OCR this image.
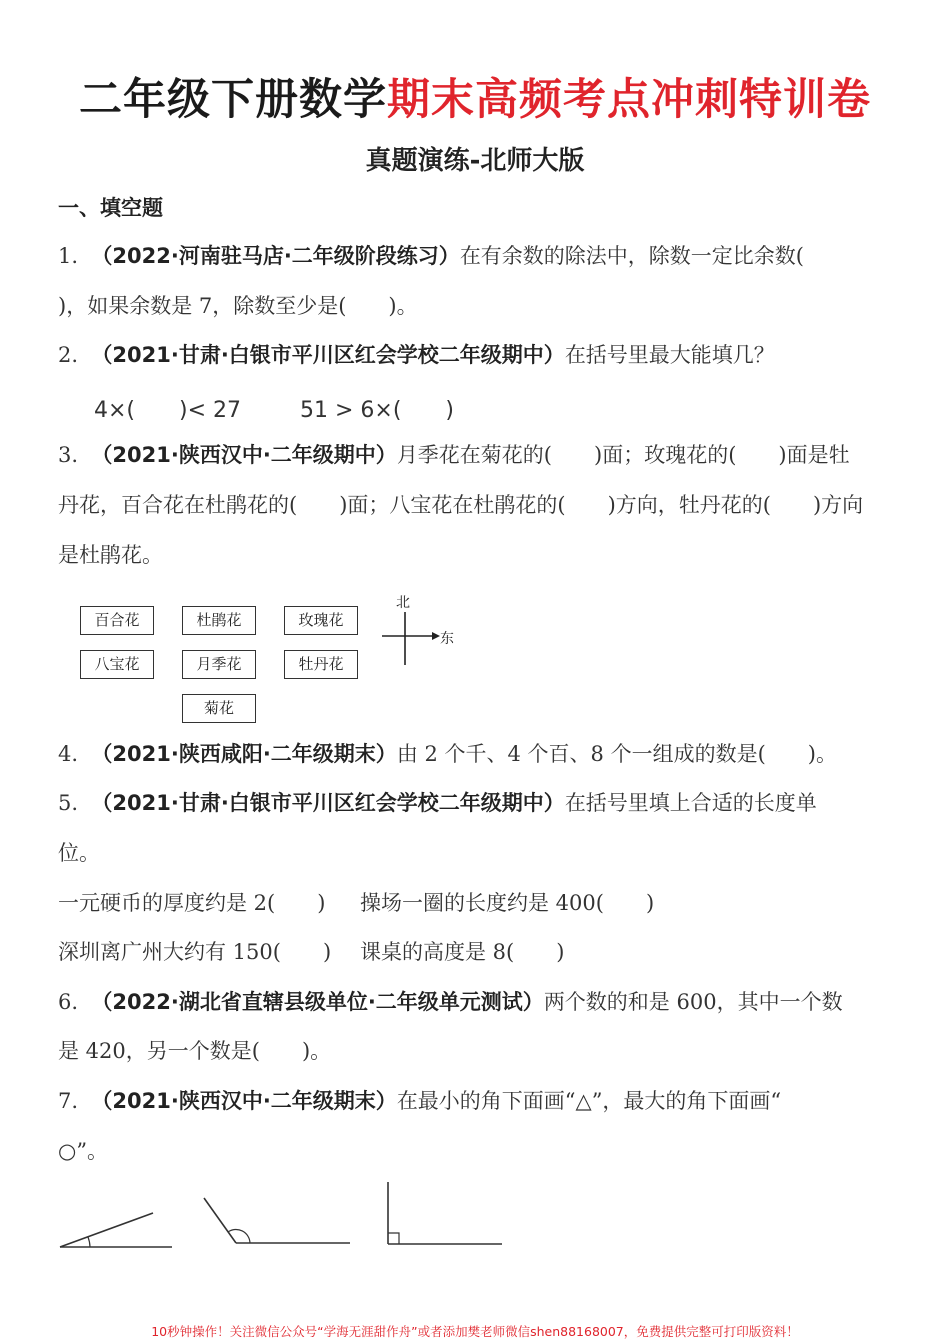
二年级下册数学期末高频考点冲刺特训卷
真题演练-北师大版
一、填空题
1. （2022·河南驻马店·二年级阶段练习）在有余数的除法中，除数一定比余数(
)，如果余数是 7，除数至少是(　　)。
2. （2021·甘肃·白银市平川区红会学校二年级期中）在括号里最大能填几？
4×(　　)< 27	51 > 6×(　　)
3. （2021·陕西汉中·二年级期中）月季花在菊花的(　　)面；玫瑰花的(　　)面是牡
丹花，百合花在杜鹃花的(　　)面；八宝花在杜鹃花的(　　)方向，牡丹花的(　　)方向
是杜鹃花。
百合花	杜鹃花	玫瑰花
八宝花	月季花	牡丹花
菊花
北
东
4. （2021·陕西咸阳·二年级期末）由 2 个千、4 个百、8 个一组成的数是(　　)。
5. （2021·甘肃·白银市平川区红会学校二年级期中）在括号里填上合适的长度单
位。
一元硬币的厚度约是 2(　　) 操场一圈的长度约是 400(　　)
深圳离广州大约有 150(　　) 课桌的高度是 8(　　)
6. （2022·湖北省直辖县级单位·二年级单元测试）两个数的和是 600，其中一个数
是 420，另一个数是(　　)。
7. （2021·陕西汉中·二年级期末）在最小的角下面画“△”，最大的角下面画“
○”。
10秒钟操作！关注微信公众号“学海无涯甜作舟”或者添加樊老师微信shen88168007，免费提供完整可打印版资料！
